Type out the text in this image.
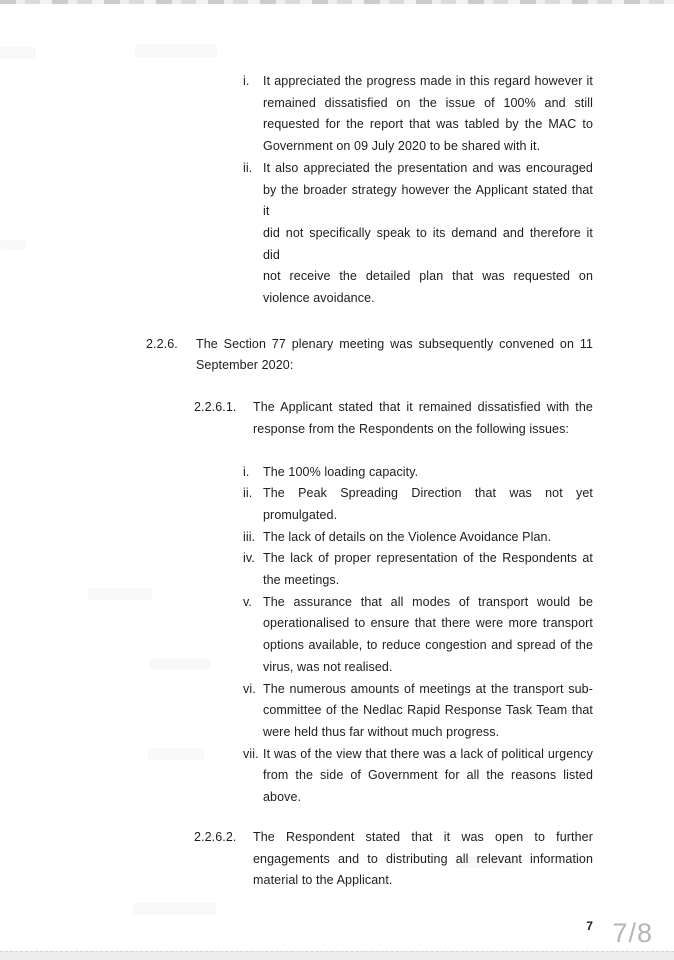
i.	It appreciated the progress made in this regard however it
remained dissatisfied on the issue of 100% and still
requested for the report that was tabled by the MAC to
Government on 09 July 2020 to be shared with it.
ii. It also appreciated the presentation and was encouraged
by the broader strategy however the Applicant stated that it
did not specifically speak to its demand and therefore it did
not receive the detailed plan that was requested on
violence avoidance.
2.2.6.	The Section 77 plenary meeting was subsequently convened on 11
September 2020:
2.2.6.1.	The Applicant stated that it remained dissatisfied with the
response from the Respondents on the following issues:
i.	The 100% loading capacity.
ii. The Peak Spreading Direction that was not yet
promulgated.
iii. The lack of details on the Violence Avoidance Plan.
iv. The lack of proper representation of the Respondents at
the meetings.
v. The assurance that all modes of transport would be
operationalised to ensure that there were more transport
options available, to reduce congestion and spread of the
virus, was not realised.
vi. The numerous amounts of meetings at the transport sub-
committee of the Nedlac Rapid Response Task Team that
were held thus far without much progress.
vii. It was of the view that there was a lack of political urgency
from the side of Government for all the reasons listed
above.
2.2.6.2.	The Respondent stated that it was open to further
engagements and to distributing all relevant information
material to the Applicant.
7 7/8
